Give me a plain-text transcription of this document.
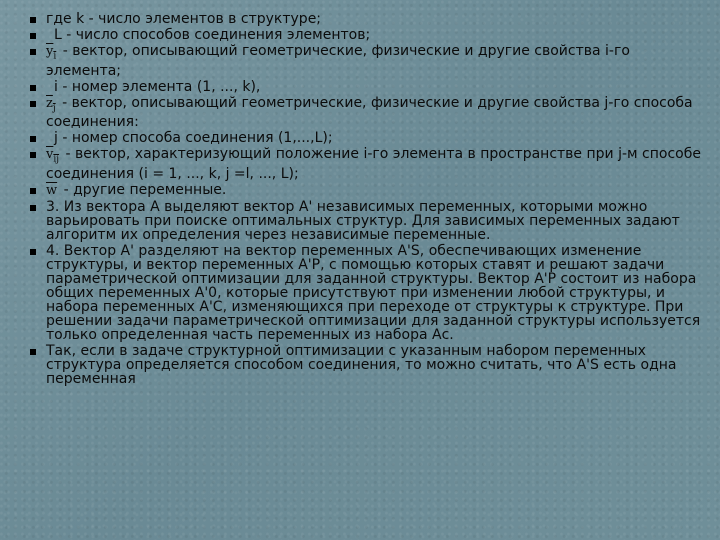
где k - число элементов в структуре;
L - число способов соединения элементов;
$y_i$ - вектор, описывающий геометрические, физические и другие свойства i-го элемента;
i - номер элемента (1, ..., k),
$z_j$ - вектор, описывающий геометрические, физические и другие свойства j-го способа соединения:
j - номер способа соединения (1,...,L);
$v_{ij}$ - вектор, характеризующий положение i-го элемента в пространстве при j-м способе соединения (i = 1, ..., k, j =l, ..., L);
$\overline{w}$ - другие переменные.
3. Из вектора А выделяют вектор А' независимых переменных, которыми можно варьировать при поиске оптимальных структур. Для зависимых переменных задают алгоритм их определения через независимые переменные.
4. Вектор А' разделяют на вектор переменных А'S, обеспечивающих изменение структуры, и вектор переменных А'Р, с помощью которых ставят и решают задачи параметрической оптимизации для заданной структуры. Вектор А'Р состоит из набора общих переменных А'0, которые присутствуют при изменении любой структуры, и набора переменных А'С, изменяющихся при переходе от структуры к структуре. При решении задачи параметрической оптимизации для заданной структуры используется только определенная часть переменных из набора Ас.
Так, если в задаче структурной оптимизации с указанным набором переменных структура определяется способом соединения, то можно считать, что A'S есть одна переменная
